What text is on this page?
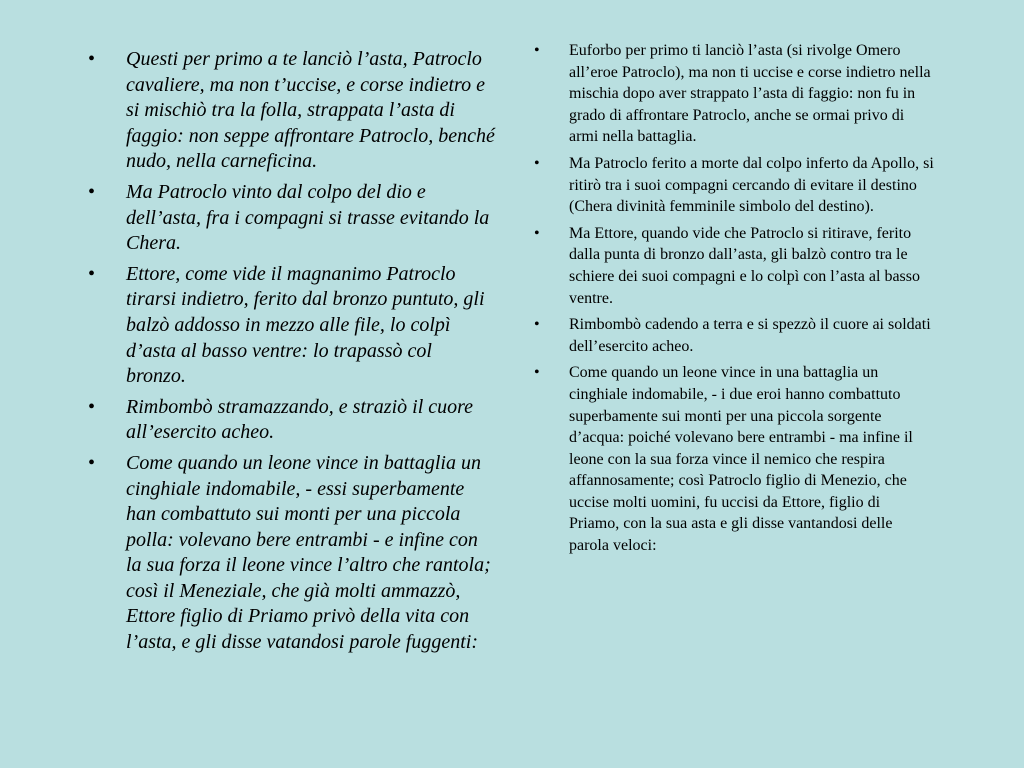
• Questi per primo a te lanciò l’asta, Patroclo cavaliere, ma non t’uccise, e corse indietro e si mischiò tra la folla, strappata l’asta di faggio: non seppe affrontare Patroclo, benché nudo, nella carneficina.
• Ma Patroclo vinto dal colpo del dio e dell’asta, fra i compagni si trasse evitando la Chera.
• Ettore, come vide il magnanimo Patroclo tirarsi indietro, ferito dal bronzo puntuto, gli balzò addosso in mezzo alle file, lo colpì d’asta al basso ventre: lo trapassò col bronzo.
• Rimbombò stramazzando, e straziò il cuore all’esercito acheo.
• Come quando un leone vince in battaglia un cinghiale indomabile, - essi superbamente han combattuto sui monti per una piccola polla: volevano bere entrambi - e infine con la sua forza il leone vince l’altro che rantola; così il Meneziale, che già molti ammazzò, Ettore figlio di Priamo privò della vita con l’asta, e gli disse vatandosi parole fuggenti:
• Euforbo per primo ti lanciò l’asta (si rivolge Omero all’eroe Patroclo), ma non ti uccise e corse indietro nella mischia dopo aver strappato l’asta di faggio: non fu in grado di affrontare Patroclo, anche se ormai privo di armi nella battaglia.
• Ma Patroclo ferito a morte dal colpo inferto da Apollo, si ritirò tra i suoi compagni cercando di evitare il destino (Chera divinità femminile simbolo del destino).
• Ma Ettore, quando vide che Patroclo si ritirave, ferito dalla punta di bronzo dall’asta, gli balzò contro tra le schiere dei suoi compagni e lo colpì con l’asta al basso ventre.
• Rimbombò cadendo a terra e si spezzò il cuore ai soldati dell’esercito acheo.
• Come quando un leone vince in una battaglia un cinghiale indomabile, - i due eroi hanno combattuto superbamente sui monti per una piccola sorgente d’acqua: poiché volevano bere entrambi - ma infine il leone con la sua forza vince il nemico che respira affannosamente; così Patroclo figlio di Menezio, che uccise molti uomini, fu uccisi da Ettore, figlio di Priamo, con la sua asta e gli disse vantandosi delle parola veloci:
